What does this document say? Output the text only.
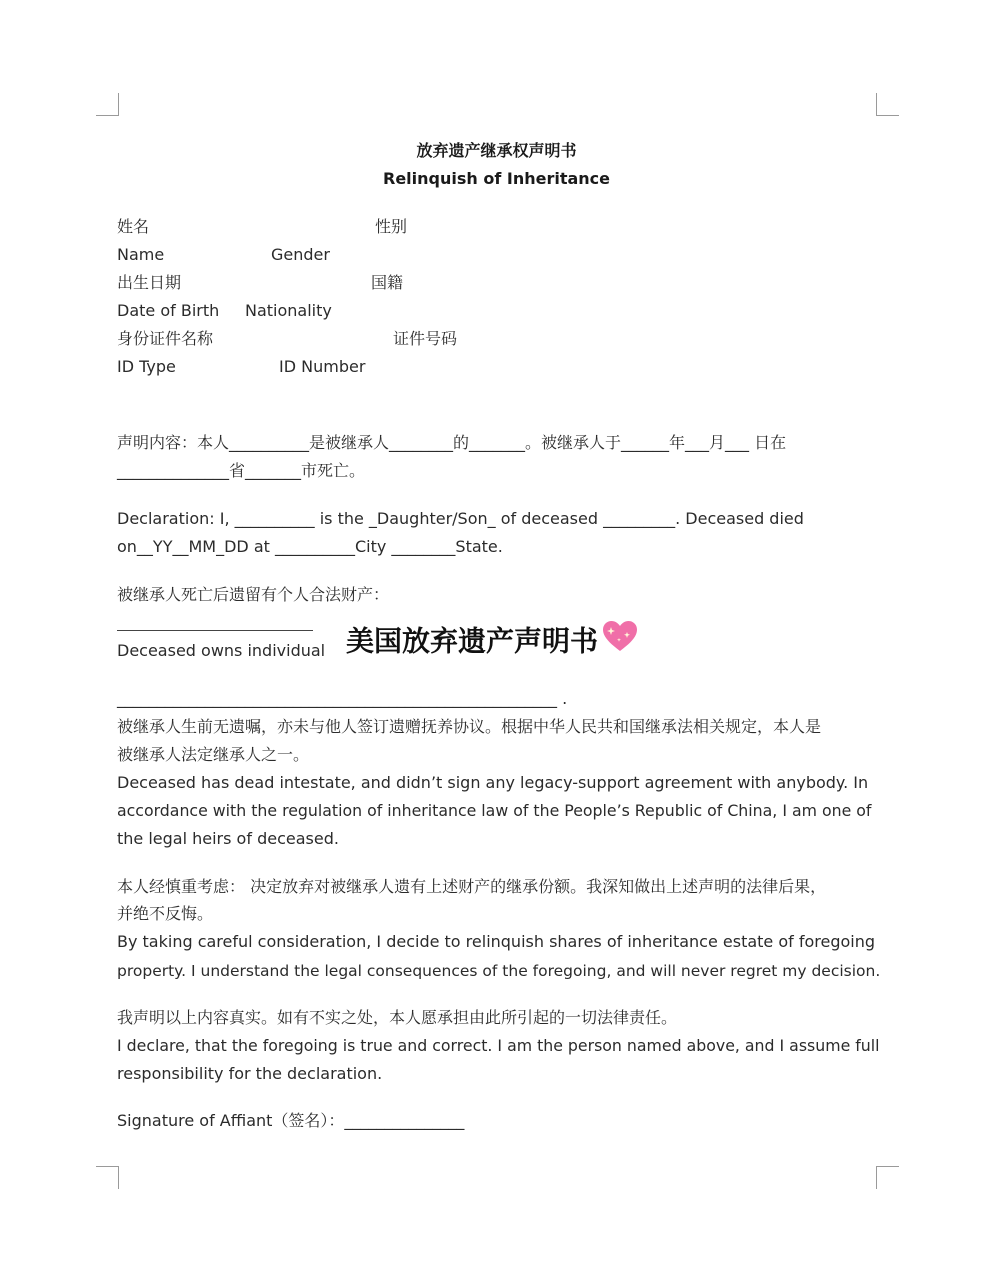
放弃遗产继承权声明书
Relinquish of Inheritance
姓名	性别
Name	Gender
出生日期	国籍
Date of Birth Nationality
身份证件名称	证件号码
ID Type	ID Number
声明内容：本人__________是被继承人________的_______。被继承人于______年___月___ 日在
______________省_______市死亡。
Declaration: I, __________ is the _Daughter/Son_ of deceased _________. Deceased died
on__YY__MM_DD at __________City ________State.
被继承人死亡后遗留有个人合法财产：
Deceased owns individual
_______________________________________________________ .
美国放弃遗产声明书
被继承人生前无遗嘱，亦未与他人签订遗赠抚养协议。根据中华人民共和国继承法相关规定，本人是
被继承人法定继承人之一。
Deceased has dead intestate, and didn’t sign any legacy-support agreement with anybody. In
accordance with the regulation of inheritance law of the People’s Republic of China, I am one of
the legal heirs of deceased.
本人经慎重考虑： 决定放弃对被继承人遗有上述财产的继承份额。我深知做出上述声明的法律后果，
并绝不反悔。
By taking careful consideration, I decide to relinquish shares of inheritance estate of foregoing
property. I understand the legal consequences of the foregoing, and will never regret my decision.
我声明以上内容真实。如有不实之处，本人愿承担由此所引起的一切法律责任。
I declare, that the foregoing is true and correct. I am the person named above, and I assume full
responsibility for the declaration.
Signature of Affiant（签名）：_______________
